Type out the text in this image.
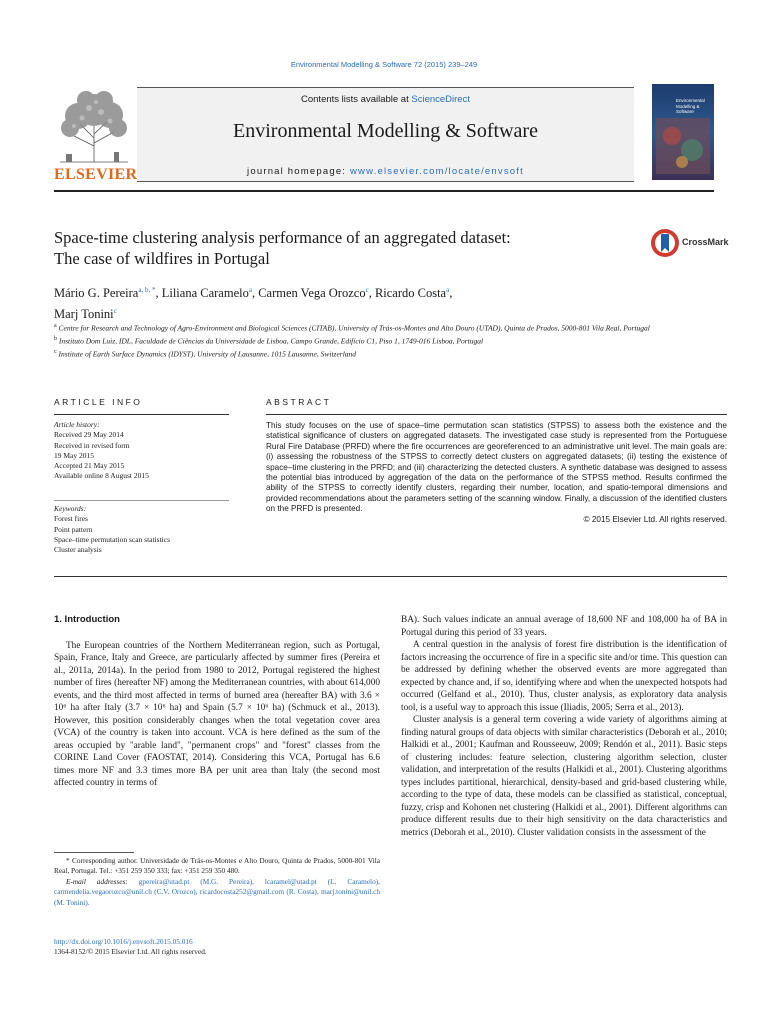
Environmental Modelling & Software 72 (2015) 239–249
ELSEVIER
Contents lists available at ScienceDirect
Environmental Modelling & Software
journal homepage: www.elsevier.com/locate/envsoft
Environmental
Modelling & Software
Space-time clustering analysis performance of an aggregated dataset:
The case of wildfires in Portugal
CrossMark
Mário G. Pereira$^{a, b, *}$, Liliana Caramelo$^a$, Carmen Vega Orozco$^c$, Ricardo Costa$^a$,
Marj Tonini$^c$
$^a$ Centre for Research and Technology of Agro-Environment and Biological Sciences (CITAB), University of Trás-os-Montes and Alto Douro (UTAD), Quinta de Prados, 5000-801 Vila Real, Portugal
$^b$ Instituto Dom Luiz, IDL, Faculdade de Ciências da Universidade de Lisboa, Campo Grande, Edifício C1, Piso 1, 1749-016 Lisboa, Portugal
$^c$ Institute of Earth Surface Dynamics (IDYST), University of Lausanne, 1015 Lausanne, Switzerland
ARTICLE INFO
Article history:
Received 29 May 2014
Received in revised form
19 May 2015
Accepted 21 May 2015
Available online 8 August 2015
Keywords:
Forest fires
Point pattern
Space–time permutation scan statistics
Cluster analysis
ABSTRACT
This study focuses on the use of space–time permutation scan statistics (STPSS) to assess both the existence and the statistical significance of clusters on aggregated datasets. The investigated case study is represented from the Portuguese Rural Fire Database (PRFD) where the fire occurrences are georeferenced to an administrative unit level. The main goals are: (i) assessing the robustness of the STPSS to correctly detect clusters on aggregated datasets; (ii) testing the existence of space–time clustering in the PRFD; and (iii) characterizing the detected clusters. A synthetic database was designed to assess the potential bias introduced by aggregation of the data on the performance of the STPSS method. Results confirmed the ability of the STPSS to correctly identify clusters, regarding their number, location, and spatio-temporal dimensions and provided recommendations about the parameters setting of the scanning window. Finally, a discussion of the identified clusters on the PRFD is presented.
© 2015 Elsevier Ltd. All rights reserved.
1. Introduction
The European countries of the Northern Mediterranean region, such as Portugal, Spain, France, Italy and Greece, are particularly affected by summer fires (Pereira et al., 2011a, 2014a). In the period from 1980 to 2012, Portugal registered the highest number of fires (hereafter NF) among the Mediterranean countries, with about 614,000 events, and the third most affected in terms of burned area (hereafter BA) with 3.6 × 10⁶ ha after Italy (3.7 × 10⁶ ha) and Spain (5.7 × 10⁶ ha) (Schmuck et al., 2013). However, this position considerably changes when the total vegetation cover area (VCA) of the country is taken into account. VCA is here defined as the sum of the areas occupied by "arable land", "permanent crops" and "forest" classes from the CORINE Land Cover (FAOSTAT, 2014). Considering this VCA, Portugal has 6.6 times more NF and 3.3 times more BA per unit area than Italy (the second most affected country in terms of
BA). Such values indicate an annual average of 18,600 NF and 108,000 ha of BA in Portugal during this period of 33 years.
A central question in the analysis of forest fire distribution is the identification of factors increasing the occurrence of fire in a specific site and/or time. This question can be addressed by defining whether the observed events are more aggregated than expected by chance and, if so, identifying where and when the unexpected hotspots had occurred (Gelfand et al., 2010). Thus, cluster analysis, as exploratory data analysis tool, is a useful way to approach this issue (Iliadis, 2005; Serra et al., 2013).
Cluster analysis is a general term covering a wide variety of algorithms aiming at finding natural groups of data objects with similar characteristics (Deborah et al., 2010; Halkidi et al., 2001; Kaufman and Rousseeuw, 2009; Rendón et al., 2011). Basic steps of clustering includes: feature selection, clustering algorithm selection, cluster validation, and interpretation of the results (Halkidi et al., 2001). Clustering algorithms types includes partitional, hierarchical, density-based and grid-based clustering while, according to the type of data, these models can be classified as statistical, conceptual, fuzzy, crisp and Kohonen net clustering (Halkidi et al., 2001). Different algorithms can produce different results due to their high sensitivity on the data characteristics and metrics (Deborah et al., 2010). Cluster validation consists in the assessment of the
* Corresponding author. Universidade de Trás-os-Montes e Alto Douro, Quinta de Prados, 5000-801 Vila Real, Portugal. Tel.: +351 259 350 333; fax: +351 259 350 480.
E-mail addresses: gpereira@utad.pt (M.G. Pereira), lcaramel@utad.pt (L. Caramelo), carmendelia.vegaorozco@unil.ch (C.V. Orozco), ricardocosta252@gmail.com (R. Costa), marj.tonini@unil.ch (M. Tonini).
http://dx.doi.org/10.1016/j.envsoft.2015.05.016
1364-8152/© 2015 Elsevier Ltd. All rights reserved.
